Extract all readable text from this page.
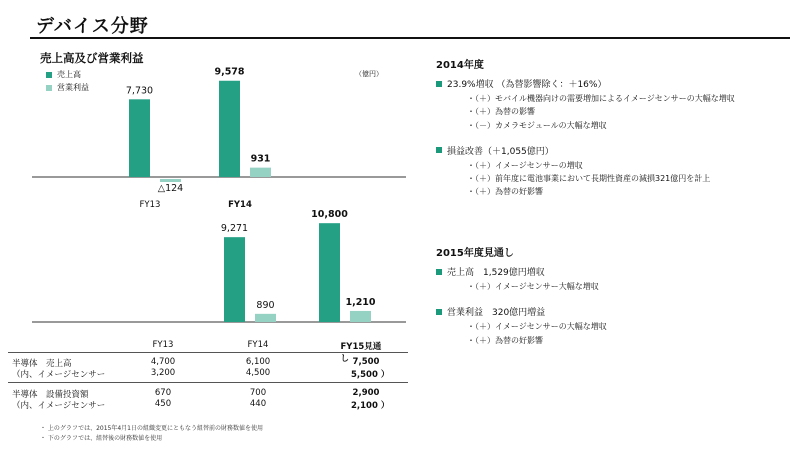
デバイス分野
売上高及び営業利益
売上高
営業利益
（億円）
7,730
△124
FY13
9,578
931
FY14
9,271
890
10,800
1,210
FY13	FY14	FY15見通し
半導体　売上高	4,700	6,100	7,500
（内、イメージセンサー	3,200	4,500	5,500 ）
半導体　設備投資額	670	700	2,900
（内、イメージセンサー	450	440	2,100 ）
・ 上のグラフでは、2015年4月1日の組織変更にともなう組替前の財務数値を使用
・ 下のグラフでは、組替後の財務数値を使用
2014年度
23.9%増収 （為替影響除く：＋16%）
・（＋）モバイル機器向けの需要増加によるイメージセンサーの大幅な増収
・（＋）為替の影響
・（－）カメラモジュールの大幅な増収
損益改善（＋1,055億円）
・（＋）イメージセンサーの増収
・（＋）前年度に電池事業において長期性資産の減損321億円を計上
・（＋）為替の好影響
2015年度見通し
売上高　1,529億円増収
・（＋）イメージセンサー大幅な増収
営業利益　320億円増益
・（＋）イメージセンサーの大幅な増収
・（＋）為替の好影響
